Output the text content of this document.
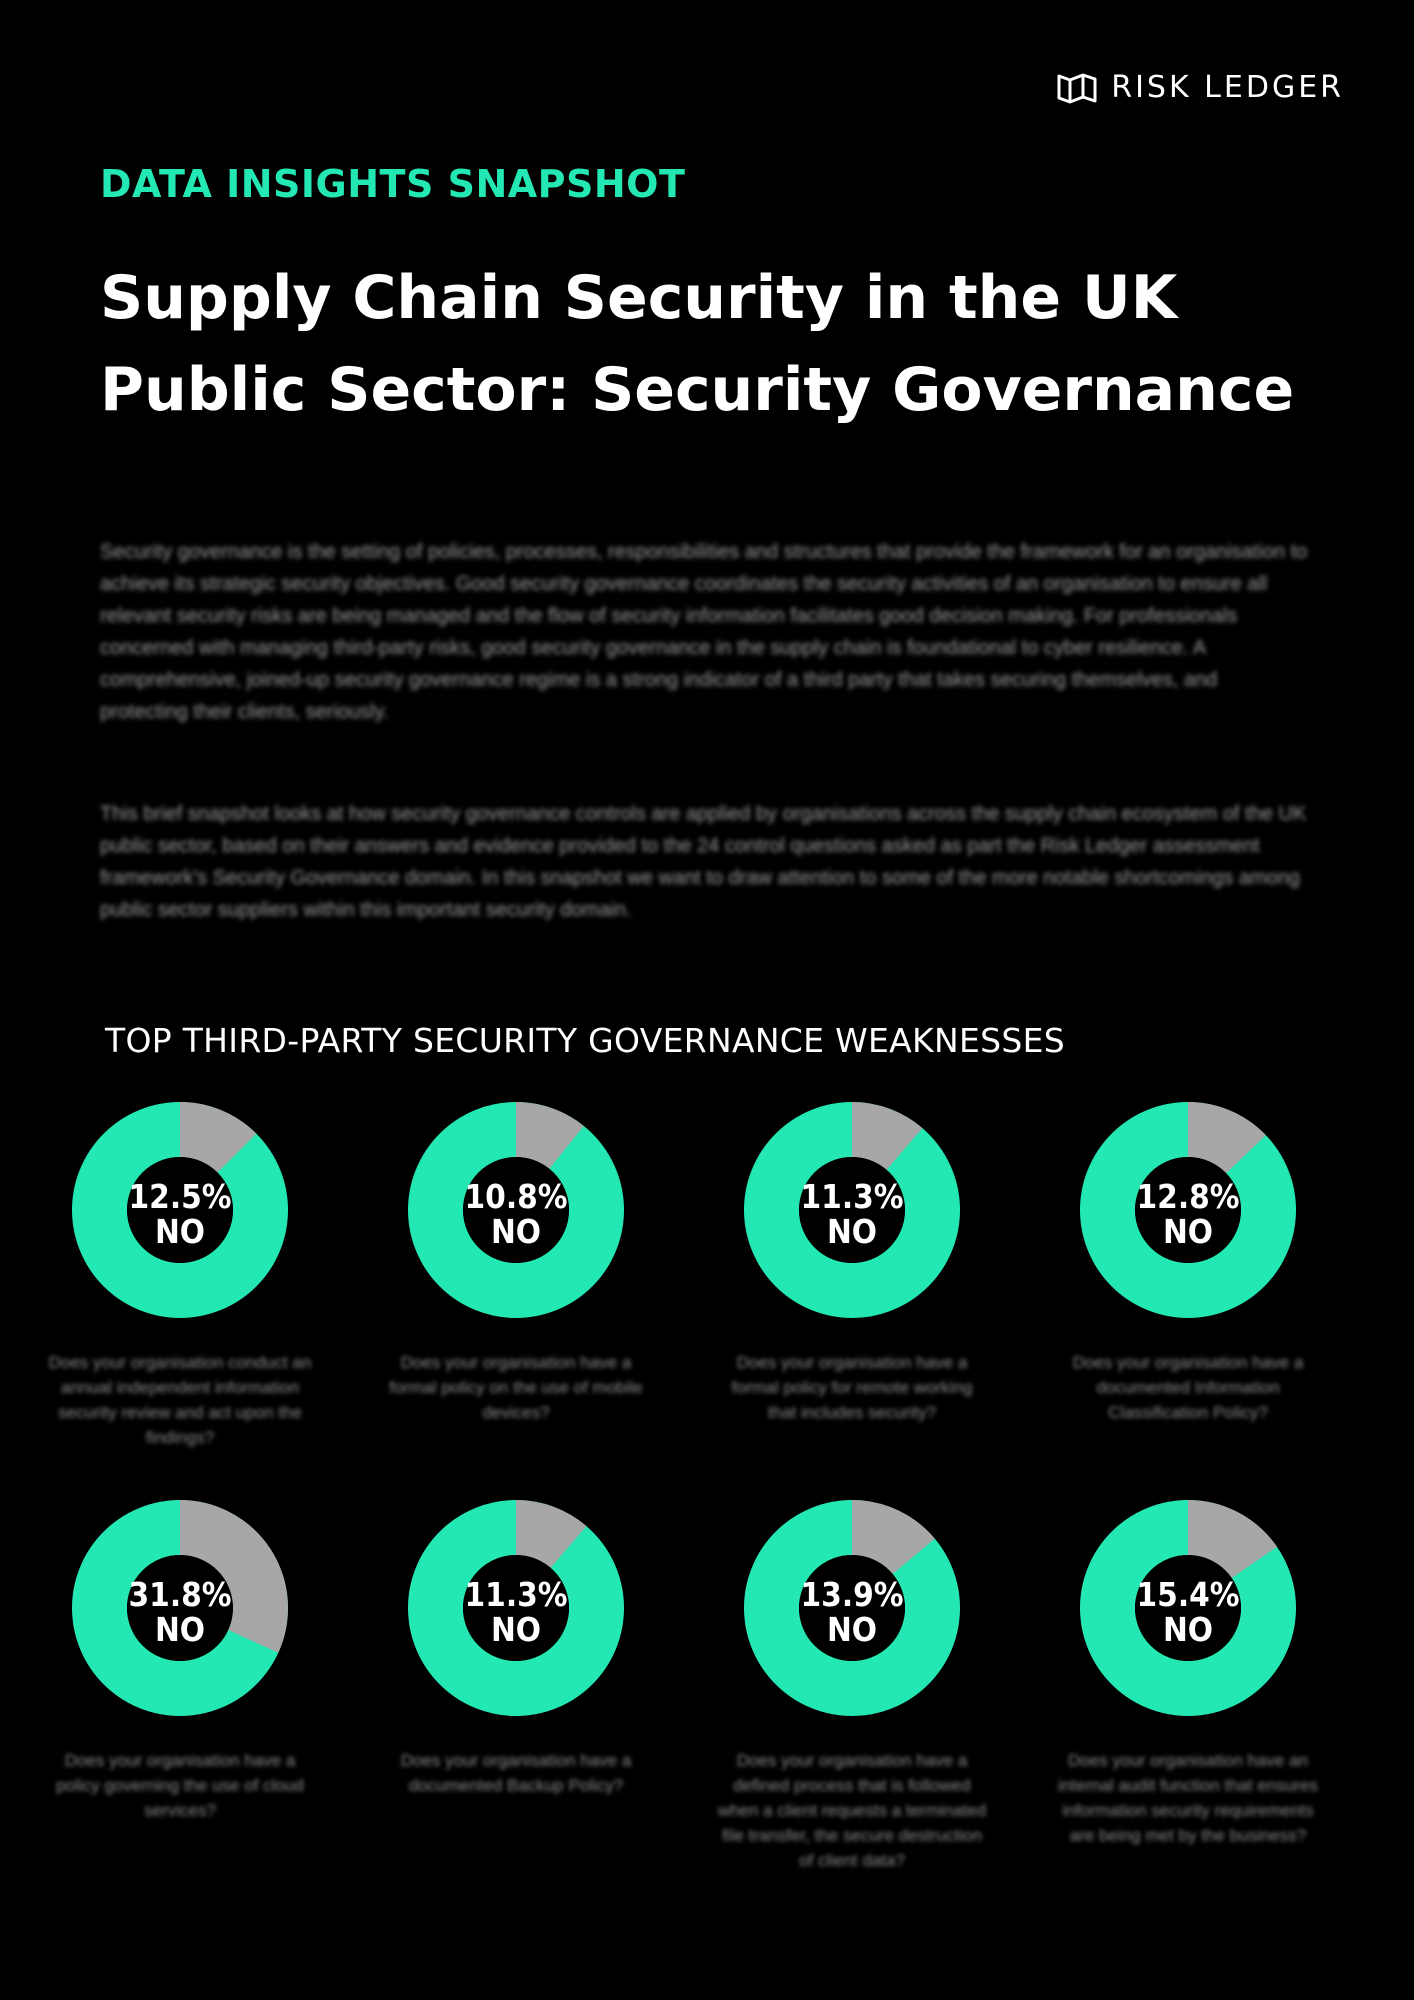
RISK LEDGER
DATA INSIGHTS SNAPSHOT
Supply Chain Security in the UK Public Sector: Security Governance

Security governance is the setting of policies, processes, responsibilities and structures that provide the framework for an organisation to achieve its strategic security objectives. Good security governance coordinates the security activities of an organisation to ensure all relevant security risks are being managed and the flow of security information facilitates good decision making. For professionals concerned with managing third-party risks, good security governance in the supply chain is foundational to cyber resilience. A comprehensive, joined-up security governance regime is a strong indicator of a third party that takes securing themselves, and protecting their clients, seriously.

This brief snapshot looks at how security governance controls are applied by organisations across the supply chain ecosystem of the UK public sector, based on their answers and evidence provided to the 24 control questions asked as part the Risk Ledger assessment framework's Security Governance domain. In this snapshot we want to draw attention to some of the more notable shortcomings among public sector suppliers within this important security domain.

TOP THIRD-PARTY SECURITY GOVERNANCE WEAKNESSES
12.5%
NO

Does your organisation conduct an annual independent information security review and act upon the findings?

10.8%
NO

Does your organisation have a formal policy on the use of mobile devices?

11.3%
NO

Does your organisation have a formal policy for remote working that includes security?

12.8%
NO

Does your organisation have a documented Information Classification Policy?

31.8%
NO

Does your organisation have a policy governing the use of cloud services?

11.3%
NO

Does your organisation have a documented Backup Policy?

13.9%
NO

Does your organisation have a defined process that is followed when a client requests a terminated file transfer, the secure destruction of client data?

15.4%
NO

Does your organisation have an internal audit function that ensures information security requirements are being met by the business?
